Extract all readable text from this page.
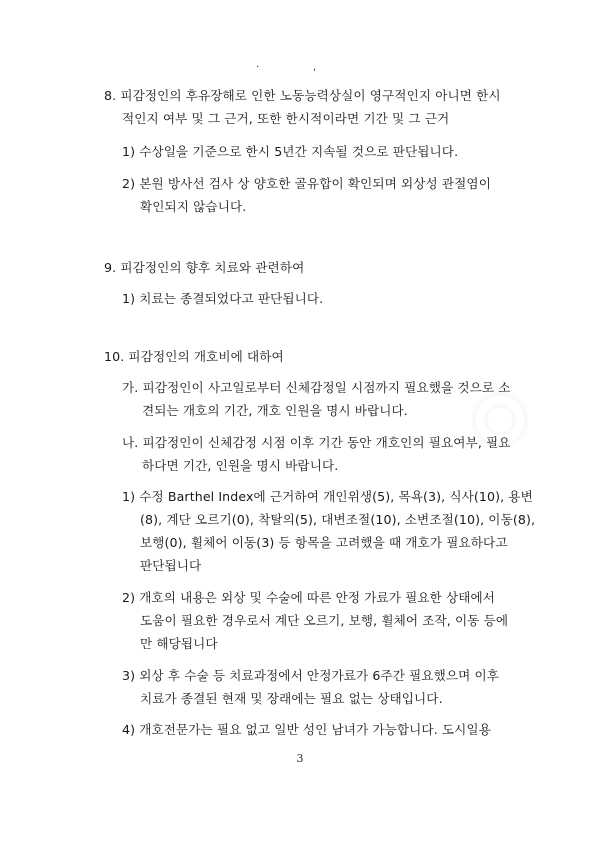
·	,
8. 피감정인의 후유장해로 인한 노동능력상실이 영구적인지 아니면 한시
적인지 여부 및 그 근거, 또한 한시적이라면 기간 및 그 근거
1) 수상일을 기준으로 한시 5년간 지속될 것으로 판단됩니다.
2) 본원 방사선 검사 상 양호한 골유합이 확인되며 외상성 관절염이
확인되지 않습니다.
9. 피감정인의 향후 치료와 관련하여
1) 치료는 종결되었다고 판단됩니다.
10. 피감정인의 개호비에 대하여
가. 피감정인이 사고일로부터 신체감정일 시점까지 필요했을 것으로 소
견되는 개호의 기간, 개호 인원을 명시 바랍니다.
나. 피감정인이 신체감정 시점 이후 기간 동안 개호인의 필요여부, 필요
하다면 기간, 인원을 명시 바랍니다.
1) 수정 Barthel Index에 근거하여 개인위생(5), 목욕(3), 식사(10), 용변
(8), 계단 오르기(0), 착탈의(5), 대변조절(10), 소변조절(10), 이동(8),
보행(0), 휠체어 이동(3) 등 항목을 고려했을 때 개호가 필요하다고
판단됩니다
2) 개호의 내용은 외상 및 수술에 따른 안정 가료가 필요한 상태에서
도움이 필요한 경우로서 계단 오르기, 보행, 휠체어 조작, 이동 등에
만 해당됩니다
3) 외상 후 수술 등 치료과정에서 안정가료가 6주간 필요했으며 이후
치료가 종결된 현재 및 장래에는 필요 없는 상태입니다.
4) 개호전문가는 필요 없고 일반 성인 남녀가 가능합니다. 도시일용
3
